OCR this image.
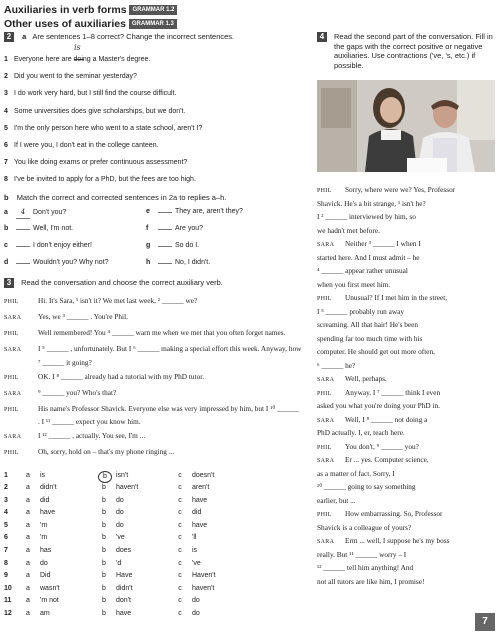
Auxiliaries in verb forms GRAMMAR 1.2
Other uses of auxiliaries GRAMMAR 1.3
2 a Are sentences 1–8 correct? Change the incorrect sentences.
is
1 Everyone here are doing a Master's degree.
2 Did you went to the seminar yesterday?
3 I do work very hard, but I still find the course difficult.
4 Some universities does give scholarships, but we don't.
5 I'm the only person here who went to a state school, aren't I?
6 If I were you, I don't eat in the college canteen.
7 You like doing exams or prefer continuous assessment?
8 I've be invited to apply for a PhD, but the fees are too high.
b Match the correct and corrected sentences in 2a to replies a–h.
a 4 Don't you?	e	They are, aren't they?
b	Well, I'm not.	f	Are you?
c	I don't enjoy either!	g	So do I.
d	Wouldn't you? Why not?	h	No, I didn't.
3 Read the conversation and choose the correct auxiliary verb.
PHIL	Hi. It's Sara, ¹ isn't it? We met last week, ² ______ we?
SARA Yes, we ³ ______ . You're Phil.
PHIL	Well remembered! You ⁴ ______ warn me when we met that you often forget names.
SARA I ⁵ ______ , unfortunately. But I ⁶ ______ making a special effort this week. Anyway, how ⁷ ______ it going?
PHIL	OK. I ⁸ ______ already had a tutorial with my PhD tutor.
SARA ⁹ ______ you? Who's that?
PHIL	His name's Professor Shavick. Everyone else was very impressed by him, but I ¹⁰ ______ . I ¹¹ ______ expect you know him.
SARA I ¹² ______ , actually. You see, I'm ...
PHIL	Oh, sorry, hold on – that's my phone ringing ...
1	a	is	b	isn't	c	doesn't
2	a	didn't	b	haven't	c	aren't
3	a	did	b	do	c	have
4	a	have	b	do	c	did
5	a	'm	b	do	c	have
6	a	'm	b	've	c	'll
7	a	has	b	does	c	is
8	a	do	b	'd	c	've
9	a	Did	b	Have	c	Haven't
10	a	wasn't	b	didn't	c	haven't
11	a	'm not	b	don't	c	do
12	a	am	b	have	c	do
4	Read the second part of the conversation. Fill in the gaps with the correct positive or negative auxiliaries. Use contractions ('ve, 's, etc.) if possible.
PHIL Sorry, where were we? Yes, Professor
Shavick. He's a bit strange, ¹ isn't he?
I ² ______ interviewed by him, so
we hadn't met before.
SARA Neither ³ ______ I when I
started here. And I must admit – he
⁴ ______ appear rather unusual
when you first meet him.
PHIL Unusual? If I met him in the street,
I ⁵ ______ probably run away
screaming. All that hair! He's been
spending far too much time with his
computer. He should get out more often,
⁶ ______ he?
SARA Well, perhaps.
PHIL Anyway. I ⁷ ______ think I even
asked you what you're doing your PhD in.
SARA Well, I ⁸ ______ not doing a
PhD actually. I, er, teach here.
PHIL You don't, ⁹ ______ you?
SARA Er ... yes. Computer science,
as a matter of fact. Sorry, I
¹⁰ ______ going to say something
earlier, but ...
PHIL How embarrassing. So, Professor
Shavick is a colleague of yours?
SARA Erm ... well, I suppose he's my boss
really. But ¹¹ ______ worry – I
¹² ______ tell him anything! And
not all tutors are like him, I promise!
7
